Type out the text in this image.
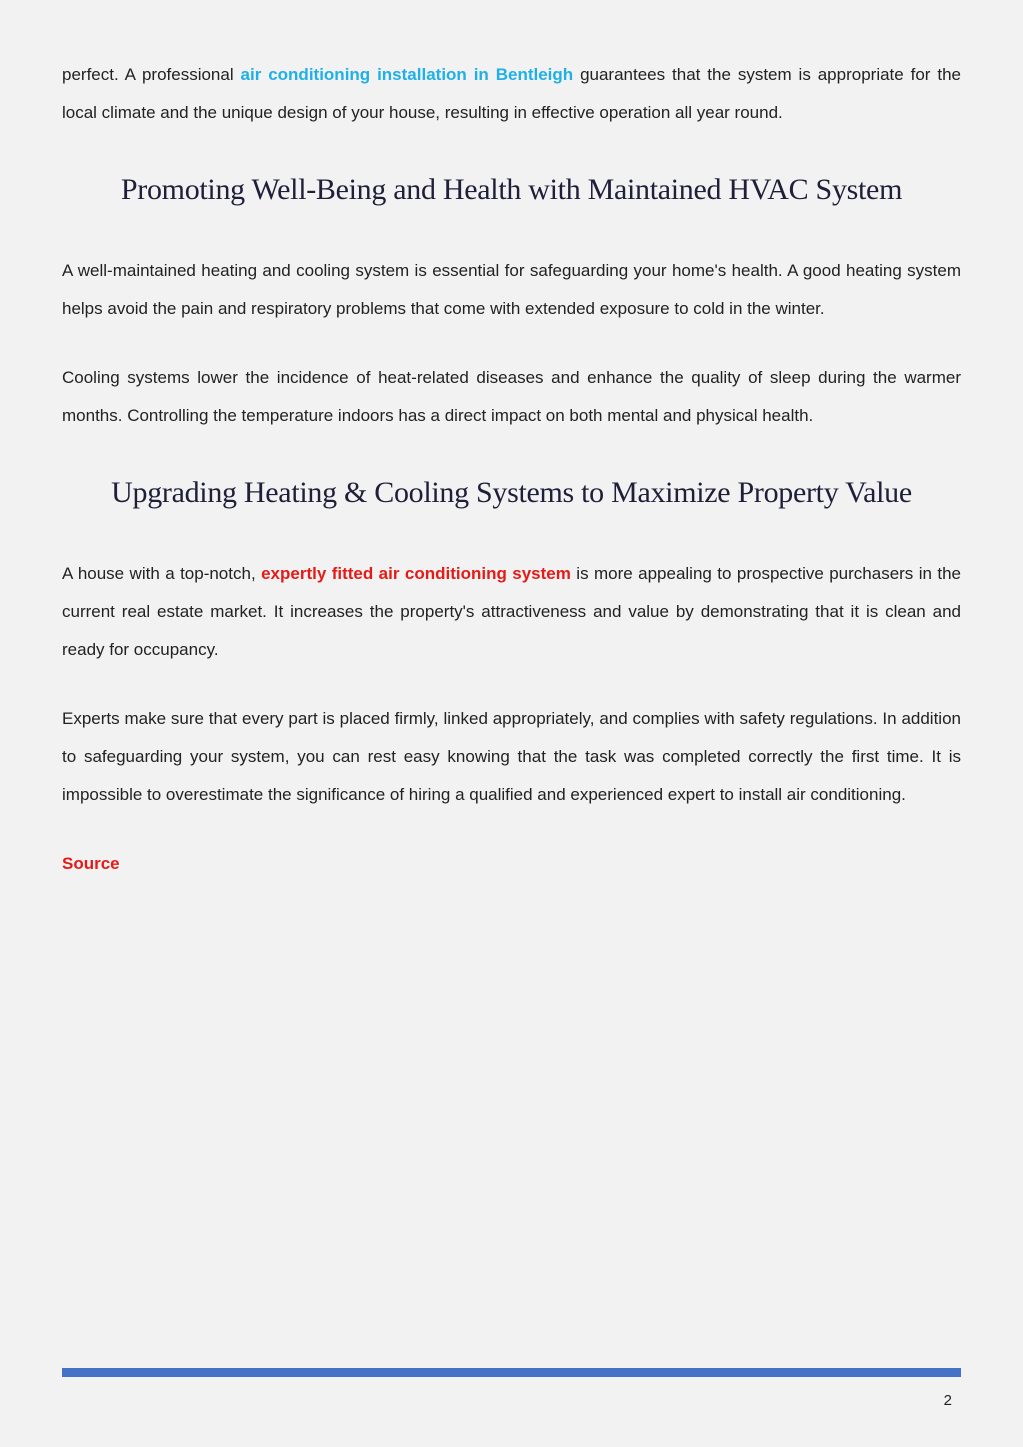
perfect. A professional air conditioning installation in Bentleigh guarantees that the system is appropriate for the local climate and the unique design of your house, resulting in effective operation all year round.

Promoting Well-Being and Health with Maintained HVAC System

A well-maintained heating and cooling system is essential for safeguarding your home's health. A good heating system helps avoid the pain and respiratory problems that come with extended exposure to cold in the winter.

Cooling systems lower the incidence of heat-related diseases and enhance the quality of sleep during the warmer months. Controlling the temperature indoors has a direct impact on both mental and physical health.

Upgrading Heating & Cooling Systems to Maximize Property Value

A house with a top-notch, expertly fitted air conditioning system is more appealing to prospective purchasers in the current real estate market. It increases the property's attractiveness and value by demonstrating that it is clean and ready for occupancy.

Experts make sure that every part is placed firmly, linked appropriately, and complies with safety regulations. In addition to safeguarding your system, you can rest easy knowing that the task was completed correctly the first time. It is impossible to overestimate the significance of hiring a qualified and experienced expert to install air conditioning.

Source
2
